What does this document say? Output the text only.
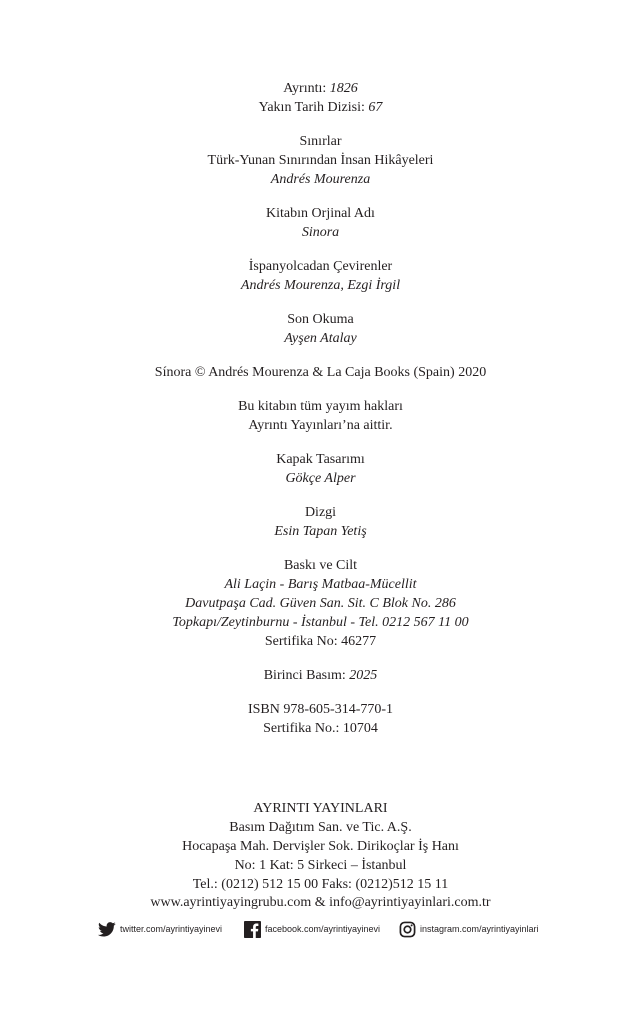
Ayrıntı: 1826
Yakın Tarih Dizisi: 67
Sınırlar
Türk-Yunan Sınırından İnsan Hikâyeleri
Andrés Mourenza
Kitabın Orjinal Adı
Sinora
İspanyolcadan Çevirenler
Andrés Mourenza, Ezgi İrgil
Son Okuma
Ayşen Atalay
Sínora © Andrés Mourenza & La Caja Books (Spain) 2020
Bu kitabın tüm yayım hakları
Ayrıntı Yayınları’na aittir.
Kapak Tasarımı
Gökçe Alper
Dizgi
Esin Tapan Yetiş
Baskı ve Cilt
Ali Laçin - Barış Matbaa-Mücellit
Davutpaşa Cad. Güven San. Sit. C Blok No. 286
Topkapı/Zeytinburnu - İstanbul - Tel. 0212 567 11 00
Sertifika No: 46277
Birinci Basım: 2025
ISBN 978-605-314-770-1
Sertifika No.: 10704
AYRINTI YAYINLARI
Basım Dağıtım San. ve Tic. A.Ş.
Hocapaşa Mah. Dervişler Sok. Dirikoçlar İş Hanı
No: 1 Kat: 5 Sirkeci – İstanbul
Tel.: (0212) 512 15 00 Faks: (0212)512 15 11
www.ayrintiyayingrubu.com & info@ayrintiyayinlari.com.tr
twitter.com/ayrintiyayinevi	facebook.com/ayrintiyayinevi	instagram.com/ayrintiyayinlari
